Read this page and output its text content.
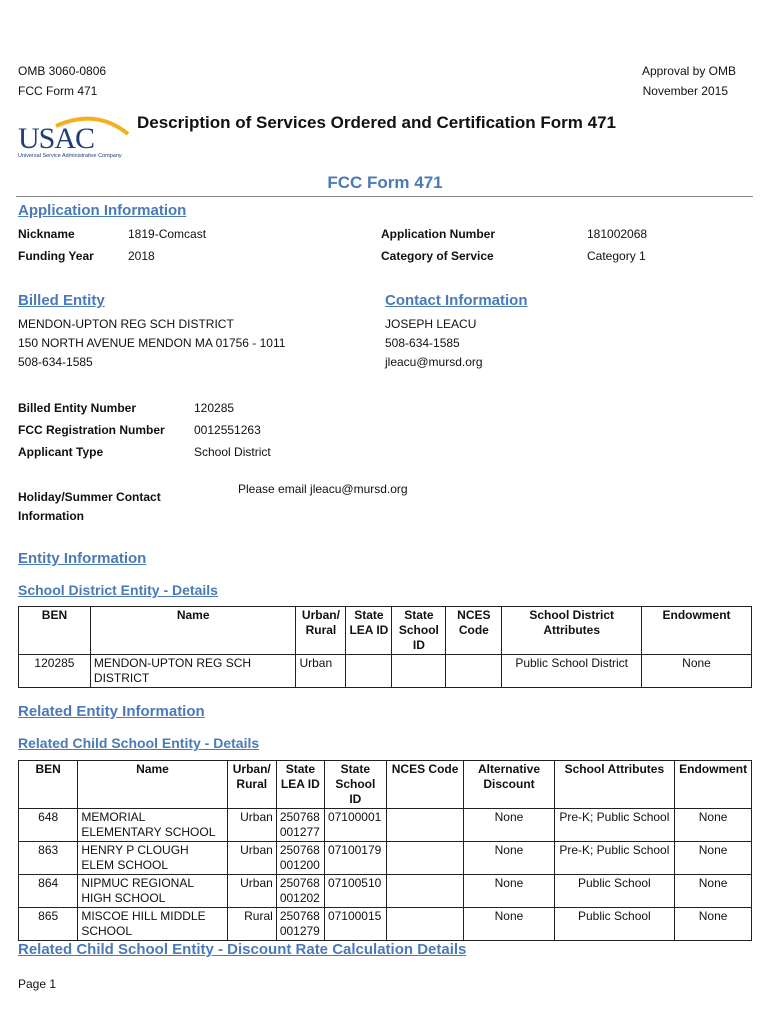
OMB 3060-0806
FCC Form 471
Approval by OMB
November 2015
USAC
Universal Service Administrative Company
Description of Services Ordered and Certification Form 471
FCC Form 471
Application Information
Nickname	1819-Comcast
Funding Year	2018
Application Number	181002068
Category of Service	Category 1
Billed Entity
MENDON-UPTON REG SCH DISTRICT
150 NORTH AVENUE MENDON MA 01756 - 1011
508-634-1585
Contact Information
JOSEPH LEACU
508-634-1585
jleacu@mursd.org
Billed Entity Number	120285
FCC Registration Number 0012551263
Applicant Type	School District
Holiday/Summer Contact
Information
Please email jleacu@mursd.org
Entity Information
School District Entity - Details
BEN	Name	Urban/ Rural	State LEA ID	State School ID	NCES Code	School District Attributes	Endowment
120285	MENDON-UPTON REG SCH DISTRICT	Urban				Public School District	None
Related Entity Information
Related Child School Entity - Details
BEN	Name	Urban/ Rural	State LEA ID	State School ID	NCES Code	Alternative Discount	School Attributes	Endowment
648	MEMORIAL ELEMENTARY SCHOOL	Urban	250768 001277	07100001		None	Pre-K; Public School	None
863	HENRY P CLOUGH ELEM SCHOOL	Urban	250768 001200	07100179		None	Pre-K; Public School	None
864	NIPMUC REGIONAL HIGH SCHOOL	Urban	250768 001202	07100510		None	Public School	None
865	MISCOE HILL MIDDLE SCHOOL	Rural	250768 001279	07100015		None	Public School	None
Related Child School Entity - Discount Rate Calculation Details
Page 1
